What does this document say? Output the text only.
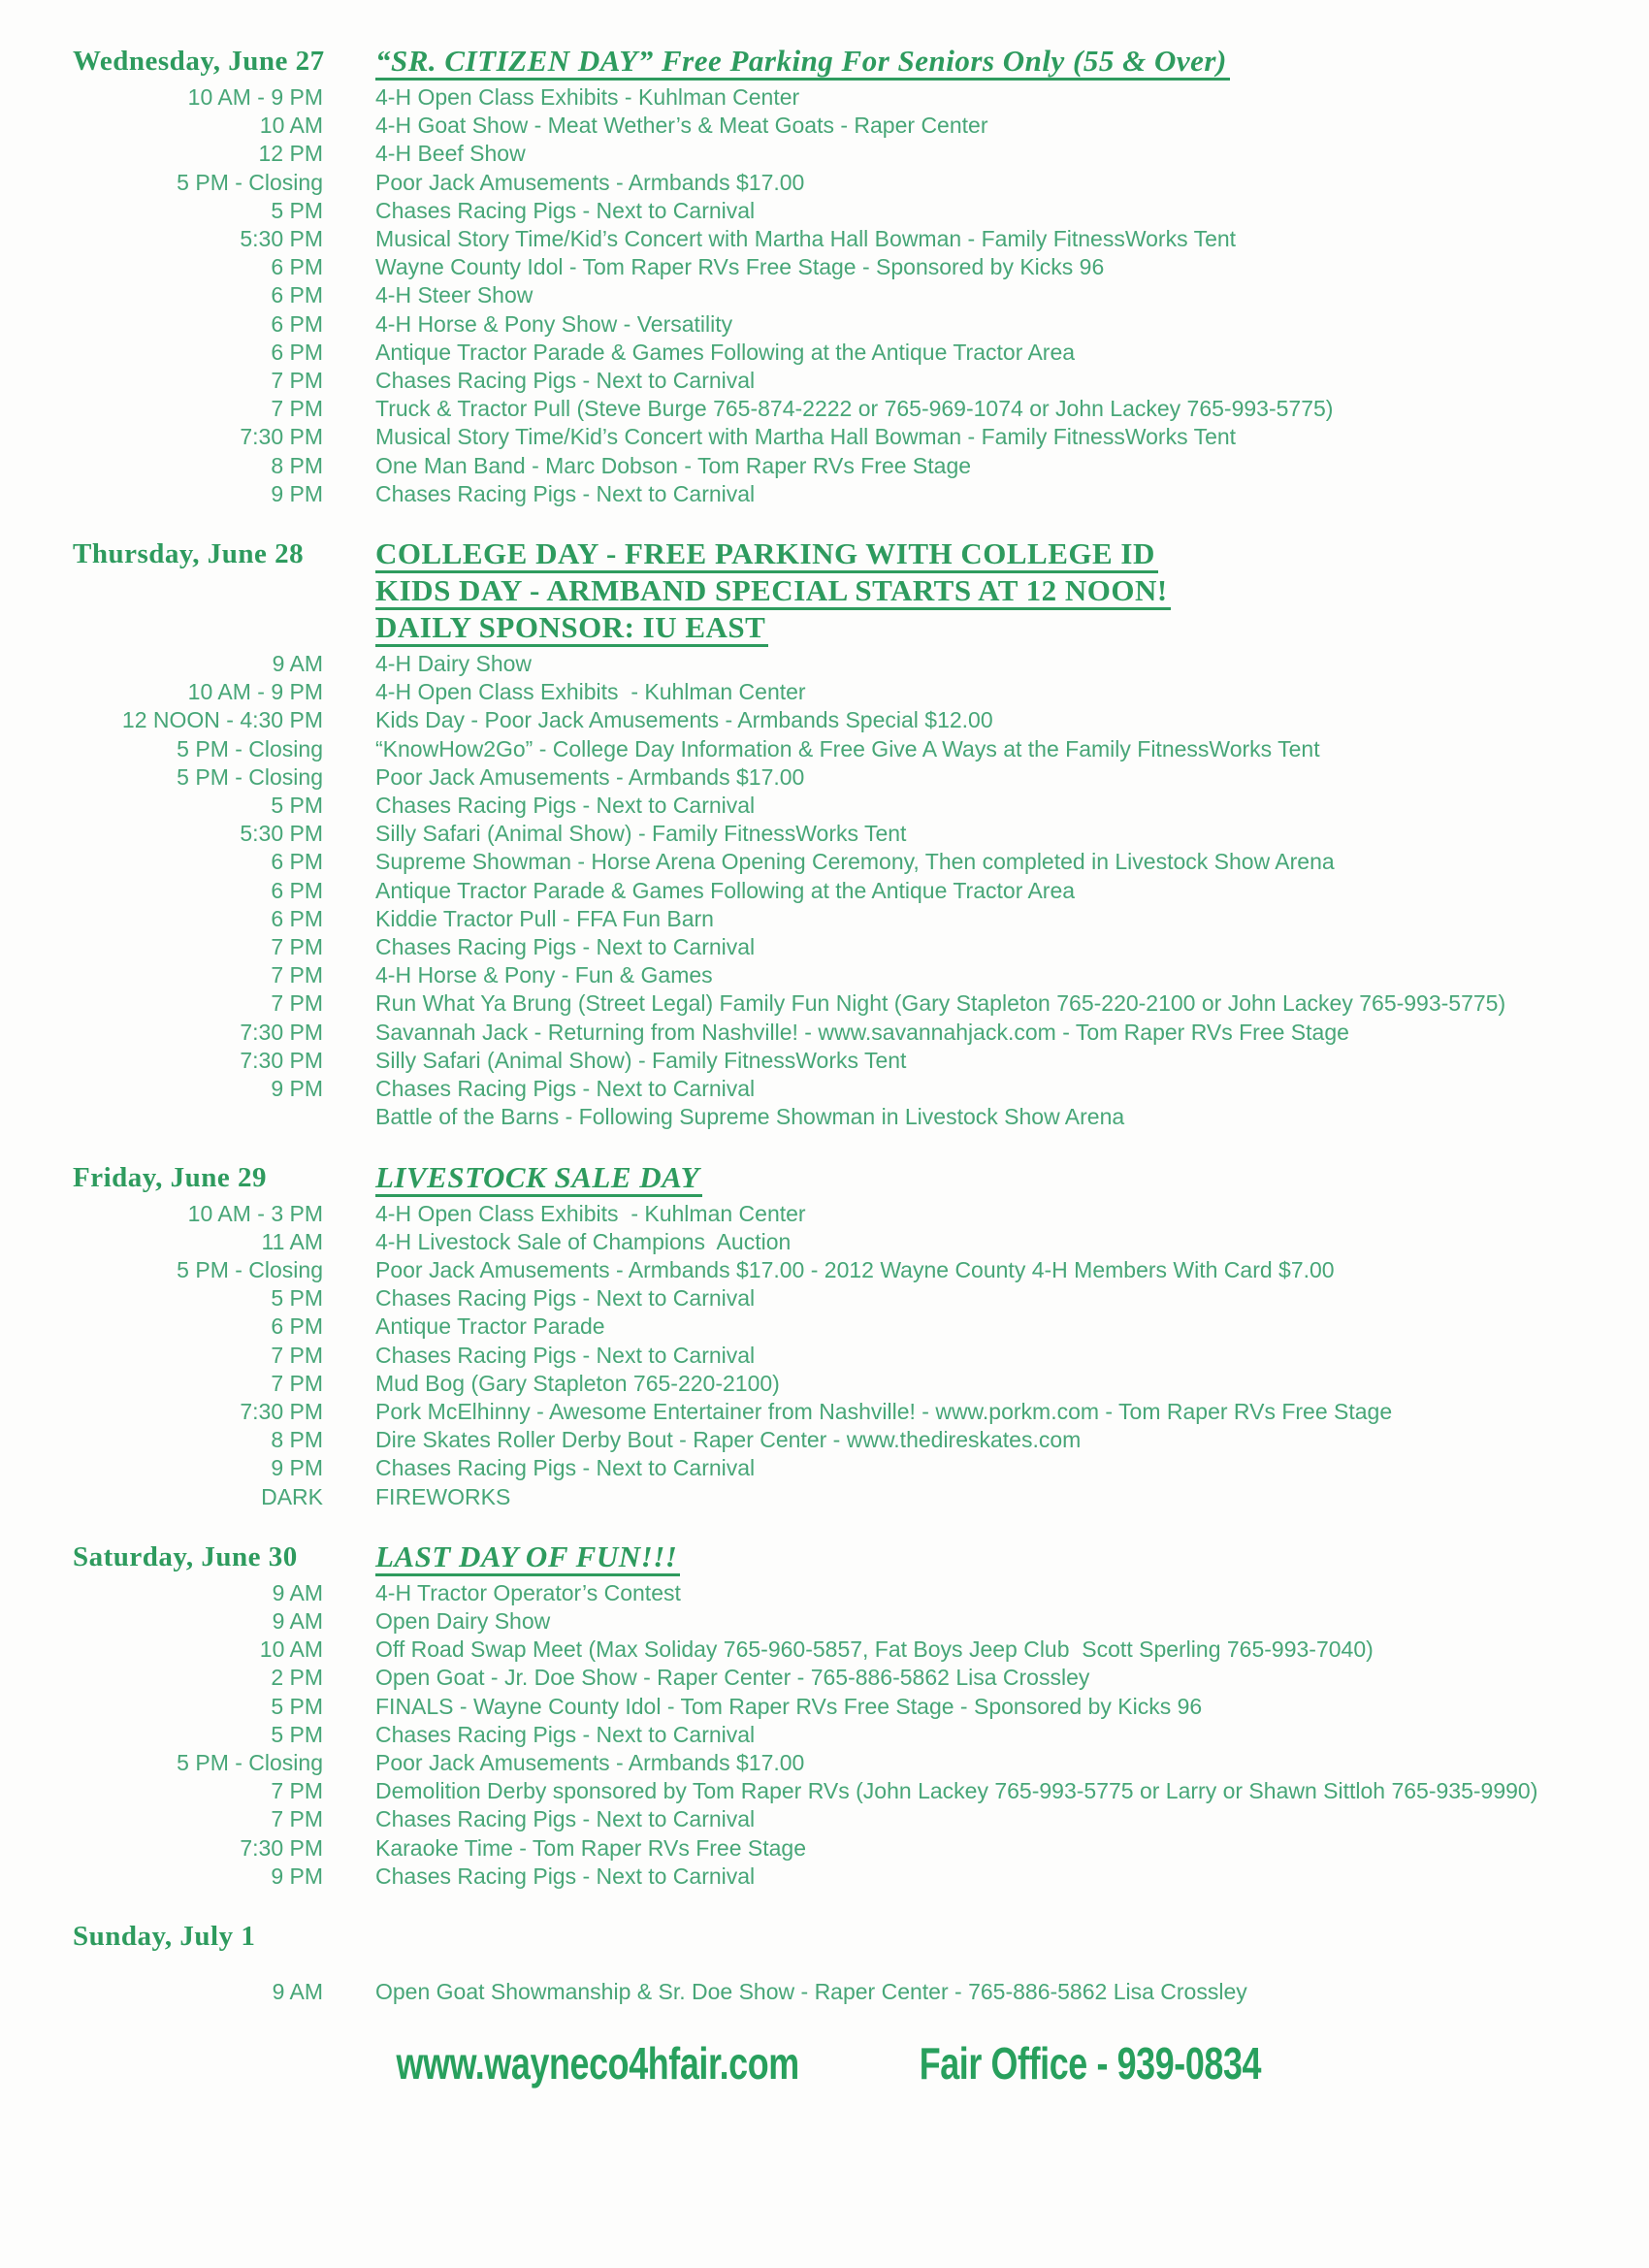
Wednesday, June 27	“SR. CITIZEN DAY” Free Parking For Seniors Only (55 & Over)
10 AM - 9 PM	4-H Open Class Exhibits - Kuhlman Center
10 AM	4-H Goat Show - Meat Wether’s & Meat Goats - Raper Center
12 PM	4-H Beef Show
5 PM - Closing	Poor Jack Amusements - Armbands $17.00
5 PM	Chases Racing Pigs - Next to Carnival
5:30 PM	Musical Story Time/Kid’s Concert with Martha Hall Bowman - Family FitnessWorks Tent
6 PM	Wayne County Idol - Tom Raper RVs Free Stage - Sponsored by Kicks 96
6 PM	4-H Steer Show
6 PM	4-H Horse & Pony Show - Versatility
6 PM	Antique Tractor Parade & Games Following at the Antique Tractor Area
7 PM	Chases Racing Pigs - Next to Carnival
7 PM	Truck & Tractor Pull (Steve Burge 765-874-2222 or 765-969-1074 or John Lackey 765-993-5775)
7:30 PM	Musical Story Time/Kid’s Concert with Martha Hall Bowman - Family FitnessWorks Tent
8 PM	One Man Band - Marc Dobson - Tom Raper RVs Free Stage
9 PM	Chases Racing Pigs - Next to Carnival
Thursday, June 28	COLLEGE DAY - FREE PARKING WITH COLLEGE ID
KIDS DAY - ARMBAND SPECIAL STARTS AT 12 NOON!
DAILY SPONSOR: IU EAST
9 AM	4-H Dairy Show
10 AM - 9 PM	4-H Open Class Exhibits  - Kuhlman Center
12 NOON - 4:30 PM	Kids Day - Poor Jack Amusements - Armbands Special $12.00
5 PM - Closing	“KnowHow2Go” - College Day Information & Free Give A Ways at the Family FitnessWorks Tent
5 PM - Closing	Poor Jack Amusements - Armbands $17.00
5 PM	Chases Racing Pigs - Next to Carnival
5:30 PM	Silly Safari (Animal Show) - Family FitnessWorks Tent
6 PM	Supreme Showman - Horse Arena Opening Ceremony, Then completed in Livestock Show Arena
6 PM	Antique Tractor Parade & Games Following at the Antique Tractor Area
6 PM	Kiddie Tractor Pull - FFA Fun Barn
7 PM	Chases Racing Pigs - Next to Carnival
7 PM	4-H Horse & Pony - Fun & Games
7 PM	Run What Ya Brung (Street Legal) Family Fun Night (Gary Stapleton 765-220-2100 or John Lackey 765-993-5775)
7:30 PM	Savannah Jack - Returning from Nashville! - www.savannahjack.com - Tom Raper RVs Free Stage
7:30 PM	Silly Safari (Animal Show) - Family FitnessWorks Tent
9 PM	Chases Racing Pigs - Next to Carnival
Battle of the Barns - Following Supreme Showman in Livestock Show Arena
Friday, June 29	LIVESTOCK SALE DAY
10 AM - 3 PM	4-H Open Class Exhibits  - Kuhlman Center
11 AM	4-H Livestock Sale of Champions  Auction
5 PM - Closing	Poor Jack Amusements - Armbands $17.00 - 2012 Wayne County 4-H Members With Card $7.00
5 PM	Chases Racing Pigs - Next to Carnival
6 PM	Antique Tractor Parade
7 PM	Chases Racing Pigs - Next to Carnival
7 PM	Mud Bog (Gary Stapleton 765-220-2100)
7:30 PM	Pork McElhinny - Awesome Entertainer from Nashville! - www.porkm.com - Tom Raper RVs Free Stage
8 PM	Dire Skates Roller Derby Bout - Raper Center - www.thedireskates.com
9 PM	Chases Racing Pigs - Next to Carnival
DARK	FIREWORKS
Saturday, June 30	LAST DAY OF FUN!!!
9 AM	4-H Tractor Operator’s Contest
9 AM	Open Dairy Show
10 AM	Off Road Swap Meet (Max Soliday 765-960-5857, Fat Boys Jeep Club  Scott Sperling 765-993-7040)
2 PM	Open Goat - Jr. Doe Show - Raper Center - 765-886-5862 Lisa Crossley
5 PM	FINALS - Wayne County Idol - Tom Raper RVs Free Stage - Sponsored by Kicks 96
5 PM	Chases Racing Pigs - Next to Carnival
5 PM - Closing	Poor Jack Amusements - Armbands $17.00
7 PM	Demolition Derby sponsored by Tom Raper RVs (John Lackey 765-993-5775 or Larry or Shawn Sittloh 765-935-9990)
7 PM	Chases Racing Pigs - Next to Carnival
7:30 PM	Karaoke Time - Tom Raper RVs Free Stage
9 PM	Chases Racing Pigs - Next to Carnival
Sunday, July 1
9 AM	Open Goat Showmanship & Sr. Doe Show - Raper Center - 765-886-5862 Lisa Crossley
www.wayneco4hfair.com	Fair Office - 939-0834
